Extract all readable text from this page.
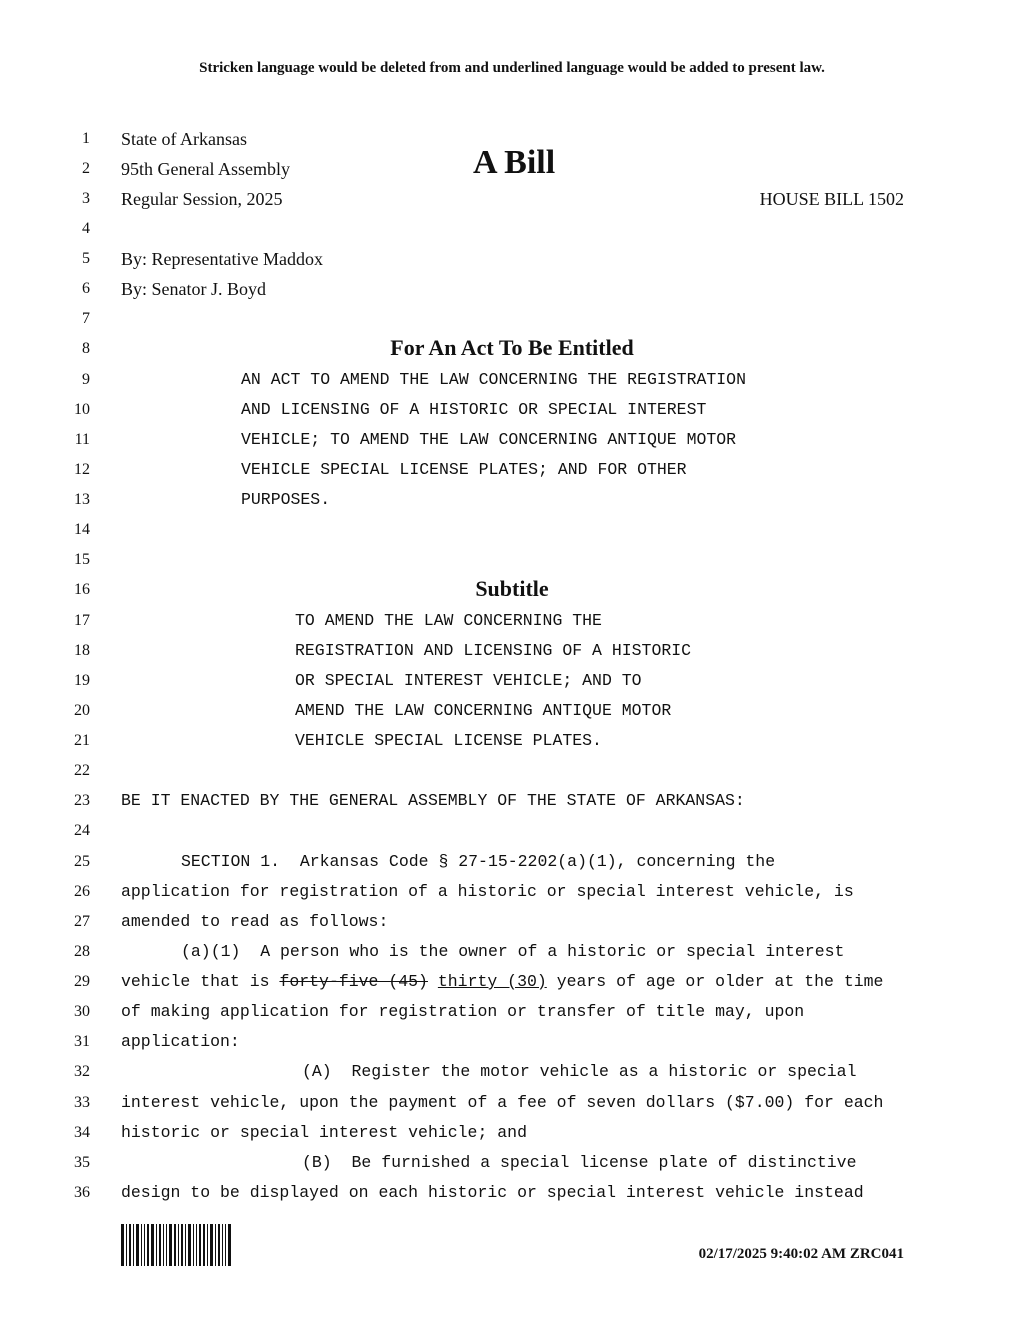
Stricken language would be deleted from and underlined language would be added to present law.
1
2
3
4
5
6
7
8
9
10
11
12
13
14
15
16
17
18
19
20
21
22
23
24
25
26
27
28
29
30
31
32
33
34
35
36
State of Arkansas
95th General Assembly	A Bill
Regular Session, 2025	HOUSE BILL 1502
By: Representative Maddox
By: Senator J. Boyd
For An Act To Be Entitled
AN ACT TO AMEND THE LAW CONCERNING THE REGISTRATION
AND LICENSING OF A HISTORIC OR SPECIAL INTEREST
VEHICLE; TO AMEND THE LAW CONCERNING ANTIQUE MOTOR
VEHICLE SPECIAL LICENSE PLATES; AND FOR OTHER
PURPOSES.
Subtitle
TO AMEND THE LAW CONCERNING THE
REGISTRATION AND LICENSING OF A HISTORIC
OR SPECIAL INTEREST VEHICLE; AND TO
AMEND THE LAW CONCERNING ANTIQUE MOTOR
VEHICLE SPECIAL LICENSE PLATES.
BE IT ENACTED BY THE GENERAL ASSEMBLY OF THE STATE OF ARKANSAS:
SECTION 1.  Arkansas Code § 27-15-2202(a)(1), concerning the
application for registration of a historic or special interest vehicle, is
amended to read as follows:
(a)(1)  A person who is the owner of a historic or special interest
vehicle that is forty-five (45) thirty (30) years of age or older at the time
of making application for registration or transfer of title may, upon
application:
(A)  Register the motor vehicle as a historic or special
interest vehicle, upon the payment of a fee of seven dollars ($7.00) for each
historic or special interest vehicle; and
(B)  Be furnished a special license plate of distinctive
design to be displayed on each historic or special interest vehicle instead
02/17/2025 9:40:02 AM ZRC041
